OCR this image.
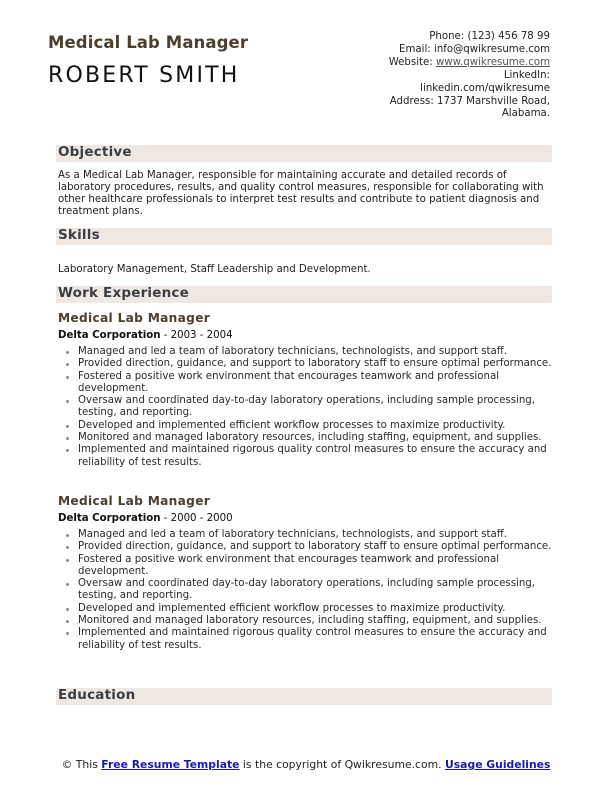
Medical Lab Manager
ROBERT SMITH
Phone: (123) 456 78 99
Email: info@qwikresume.com
Website: www.qwikresume.com
LinkedIn:
linkedin.com/qwikresume
Address: 1737 Marshville Road,
Alabama.
Objective
As a Medical Lab Manager, responsible for maintaining accurate and detailed records of laboratory procedures, results, and quality control measures, responsible for collaborating with other healthcare professionals to interpret test results and contribute to patient diagnosis and treatment plans.
Skills
Laboratory Management, Staff Leadership and Development.
Work Experience
Medical Lab Manager
Delta Corporation - 2003 - 2004
Managed and led a team of laboratory technicians, technologists, and support staff.
Provided direction, guidance, and support to laboratory staff to ensure optimal performance.
Fostered a positive work environment that encourages teamwork and professional development.
Oversaw and coordinated day-to-day laboratory operations, including sample processing, testing, and reporting.
Developed and implemented efficient workflow processes to maximize productivity.
Monitored and managed laboratory resources, including staffing, equipment, and supplies.
Implemented and maintained rigorous quality control measures to ensure the accuracy and reliability of test results.
Medical Lab Manager
Delta Corporation - 2000 - 2000
Managed and led a team of laboratory technicians, technologists, and support staff.
Provided direction, guidance, and support to laboratory staff to ensure optimal performance.
Fostered a positive work environment that encourages teamwork and professional development.
Oversaw and coordinated day-to-day laboratory operations, including sample processing, testing, and reporting.
Developed and implemented efficient workflow processes to maximize productivity.
Monitored and managed laboratory resources, including staffing, equipment, and supplies.
Implemented and maintained rigorous quality control measures to ensure the accuracy and reliability of test results.
Education
© This Free Resume Template is the copyright of Qwikresume.com. Usage Guidelines
